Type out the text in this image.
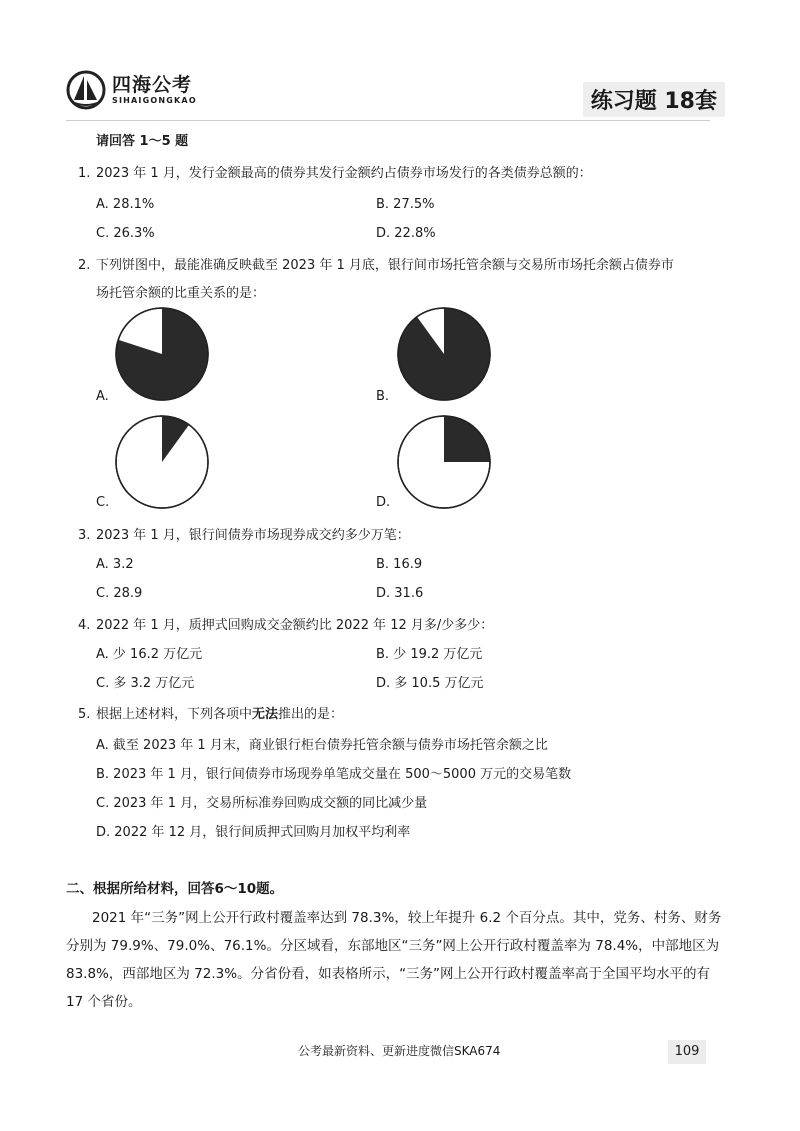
四海公考
SIHAIGONGKAO	练习题 18套
请回答 1～5 题
1. 2023 年 1 月，发行金额最高的债券其发行金额约占债券市场发行的各类债券总额的：
A. 28.1%	B. 27.5%
C. 26.3%	D. 22.8%
2. 下列饼图中，最能准确反映截至 2023 年 1 月底，银行间市场托管余额与交易所市场托余额占债券市
场托管余额的比重关系的是：
A.	B.
C.	D.
3. 2023 年 1 月，银行间债券市场现券成交约多少万笔：
A. 3.2	B. 16.9
C. 28.9	D. 31.6
4. 2022 年 1 月，质押式回购成交金额约比 2022 年 12 月多/少多少：
A. 少 16.2 万亿元	B. 少 19.2 万亿元
C. 多 3.2 万亿元	D. 多 10.5 万亿元
5. 根据上述材料，下列各项中无法推出的是：
A. 截至 2023 年 1 月末，商业银行柜台债券托管余额与债券市场托管余额之比
B. 2023 年 1 月，银行间债券市场现券单笔成交量在 500～5000 万元的交易笔数
C. 2023 年 1 月，交易所标准券回购成交额的同比减少量
D. 2022 年 12 月，银行间质押式回购月加权平均利率
二、根据所给材料，回答6～10题。
2021 年“三务”网上公开行政村覆盖率达到 78.3%，较上年提升 6.2 个百分点。其中，党务、村务、财务分别为 79.9%、79.0%、76.1%。分区域看，东部地区“三务”网上公开行政村覆盖率为 78.4%，中部地区为 83.8%，西部地区为 72.3%。分省份看，如表格所示，“三务”网上公开行政村覆盖率高于全国平均水平的有 17 个省份。
公考最新资料、更新进度微信SKA674	109
